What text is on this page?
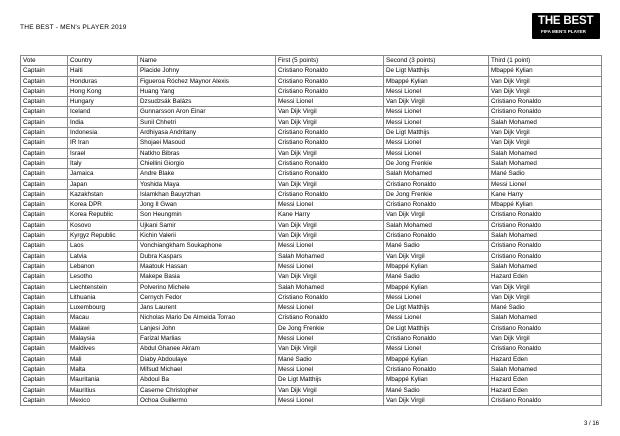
THE BEST - MEN's PLAYER 2019
THE BEST
FIFA MEN'S PLAYER
Vote	Country	Name	First (5 points)	Second (3 points)	Third (1 point)
Captain	Haiti	Placide Johny	Cristiano Ronaldo	De Ligt Matthijs	Mbappé Kylian
Captain	Honduras	Figueroa Róchez Maynor Alexis	Cristiano Ronaldo	Mbappé Kylian	Van Dijk Virgil
Captain	Hong Kong	Huang Yang	Cristiano Ronaldo	Messi Lionel	Van Dijk Virgil
Captain	Hungary	Dzsudzsák Balázs	Messi Lionel	Van Dijk Virgil	Cristiano Ronaldo
Captain	Iceland	Gunnarsson Aron Einar	Van Dijk Virgil	Messi Lionel	Cristiano Ronaldo
Captain	India	Sunil Chhetri	Van Dijk Virgil	Messi Lionel	Salah Mohamed
Captain	Indonesia	Ardhiyasa Andritany	Cristiano Ronaldo	De Ligt Matthijs	Van Dijk Virgil
Captain	IR Iran	Shojaei Masoud	Cristiano Ronaldo	Messi Lionel	Van Dijk Virgil
Captain	Israel	Natkho Bibras	Van Dijk Virgil	Messi Lionel	Salah Mohamed
Captain	Italy	Chiellini Giorgio	Cristiano Ronaldo	De Jong Frenkie	Salah Mohamed
Captain	Jamaica	Andre Blake	Cristiano Ronaldo	Salah Mohamed	Mané Sadio
Captain	Japan	Yoshida Maya	Van Dijk Virgil	Cristiano Ronaldo	Messi Lionel
Captain	Kazakhstan	Islamkhan Bauyrzhan	Cristiano Ronaldo	De Jong Frenkie	Kane Harry
Captain	Korea DPR	Jong Il Gwan	Messi Lionel	Cristiano Ronaldo	Mbappé Kylian
Captain	Korea Republic	Son Heungmin	Kane Harry	Van Dijk Virgil	Cristiano Ronaldo
Captain	Kosovo	Ujkani Samir	Van Dijk Virgil	Salah Mohamed	Cristiano Ronaldo
Captain	Kyrgyz Republic	Kichin Valerii	Van Dijk Virgil	Cristiano Ronaldo	Salah Mohamed
Captain	Laos	Vonchiangkham Soukaphone	Messi Lionel	Mané Sadio	Cristiano Ronaldo
Captain	Latvia	Dubra Kaspars	Salah Mohamed	Van Dijk Virgil	Cristiano Ronaldo
Captain	Lebanon	Maatouk Hassan	Messi Lionel	Mbappé Kylian	Salah Mohamed
Captain	Lesotho	Makepe Basia	Van Dijk Virgil	Mané Sadio	Hazard Eden
Captain	Liechtenstein	Polverino Michele	Salah Mohamed	Mbappé Kylian	Van Dijk Virgil
Captain	Lithuania	Cernych Fedor	Cristiano Ronaldo	Messi Lionel	Van Dijk Virgil
Captain	Luxembourg	Jans Laurent	Messi Lionel	De Ligt Matthijs	Mané Sadio
Captain	Macau	Nicholas Mario De Almeida Torrao	Cristiano Ronaldo	Messi Lionel	Salah Mohamed
Captain	Malawi	Lanjesi John	De Jong Frenkie	De Ligt Matthijs	Cristiano Ronaldo
Captain	Malaysia	Farizal Marlias	Messi Lionel	Cristiano Ronaldo	Van Dijk Virgil
Captain	Maldives	Abdul Ghanee Akram	Van Dijk Virgil	Messi Lionel	Cristiano Ronaldo
Captain	Mali	Diaby Abdoulaye	Mané Sadio	Mbappé Kylian	Hazard Eden
Captain	Malta	Mifsud Michael	Messi Lionel	Cristiano Ronaldo	Salah Mohamed
Captain	Mauritania	Abdoul Ba	De Ligt Matthijs	Mbappé Kylian	Hazard Eden
Captain	Mauritius	Caserne Christopher	Van Dijk Virgil	Mané Sadio	Hazard Eden
Captain	Mexico	Ochoa Guillermo	Messi Lionel	Van Dijk Virgil	Cristiano Ronaldo
3 / 16
